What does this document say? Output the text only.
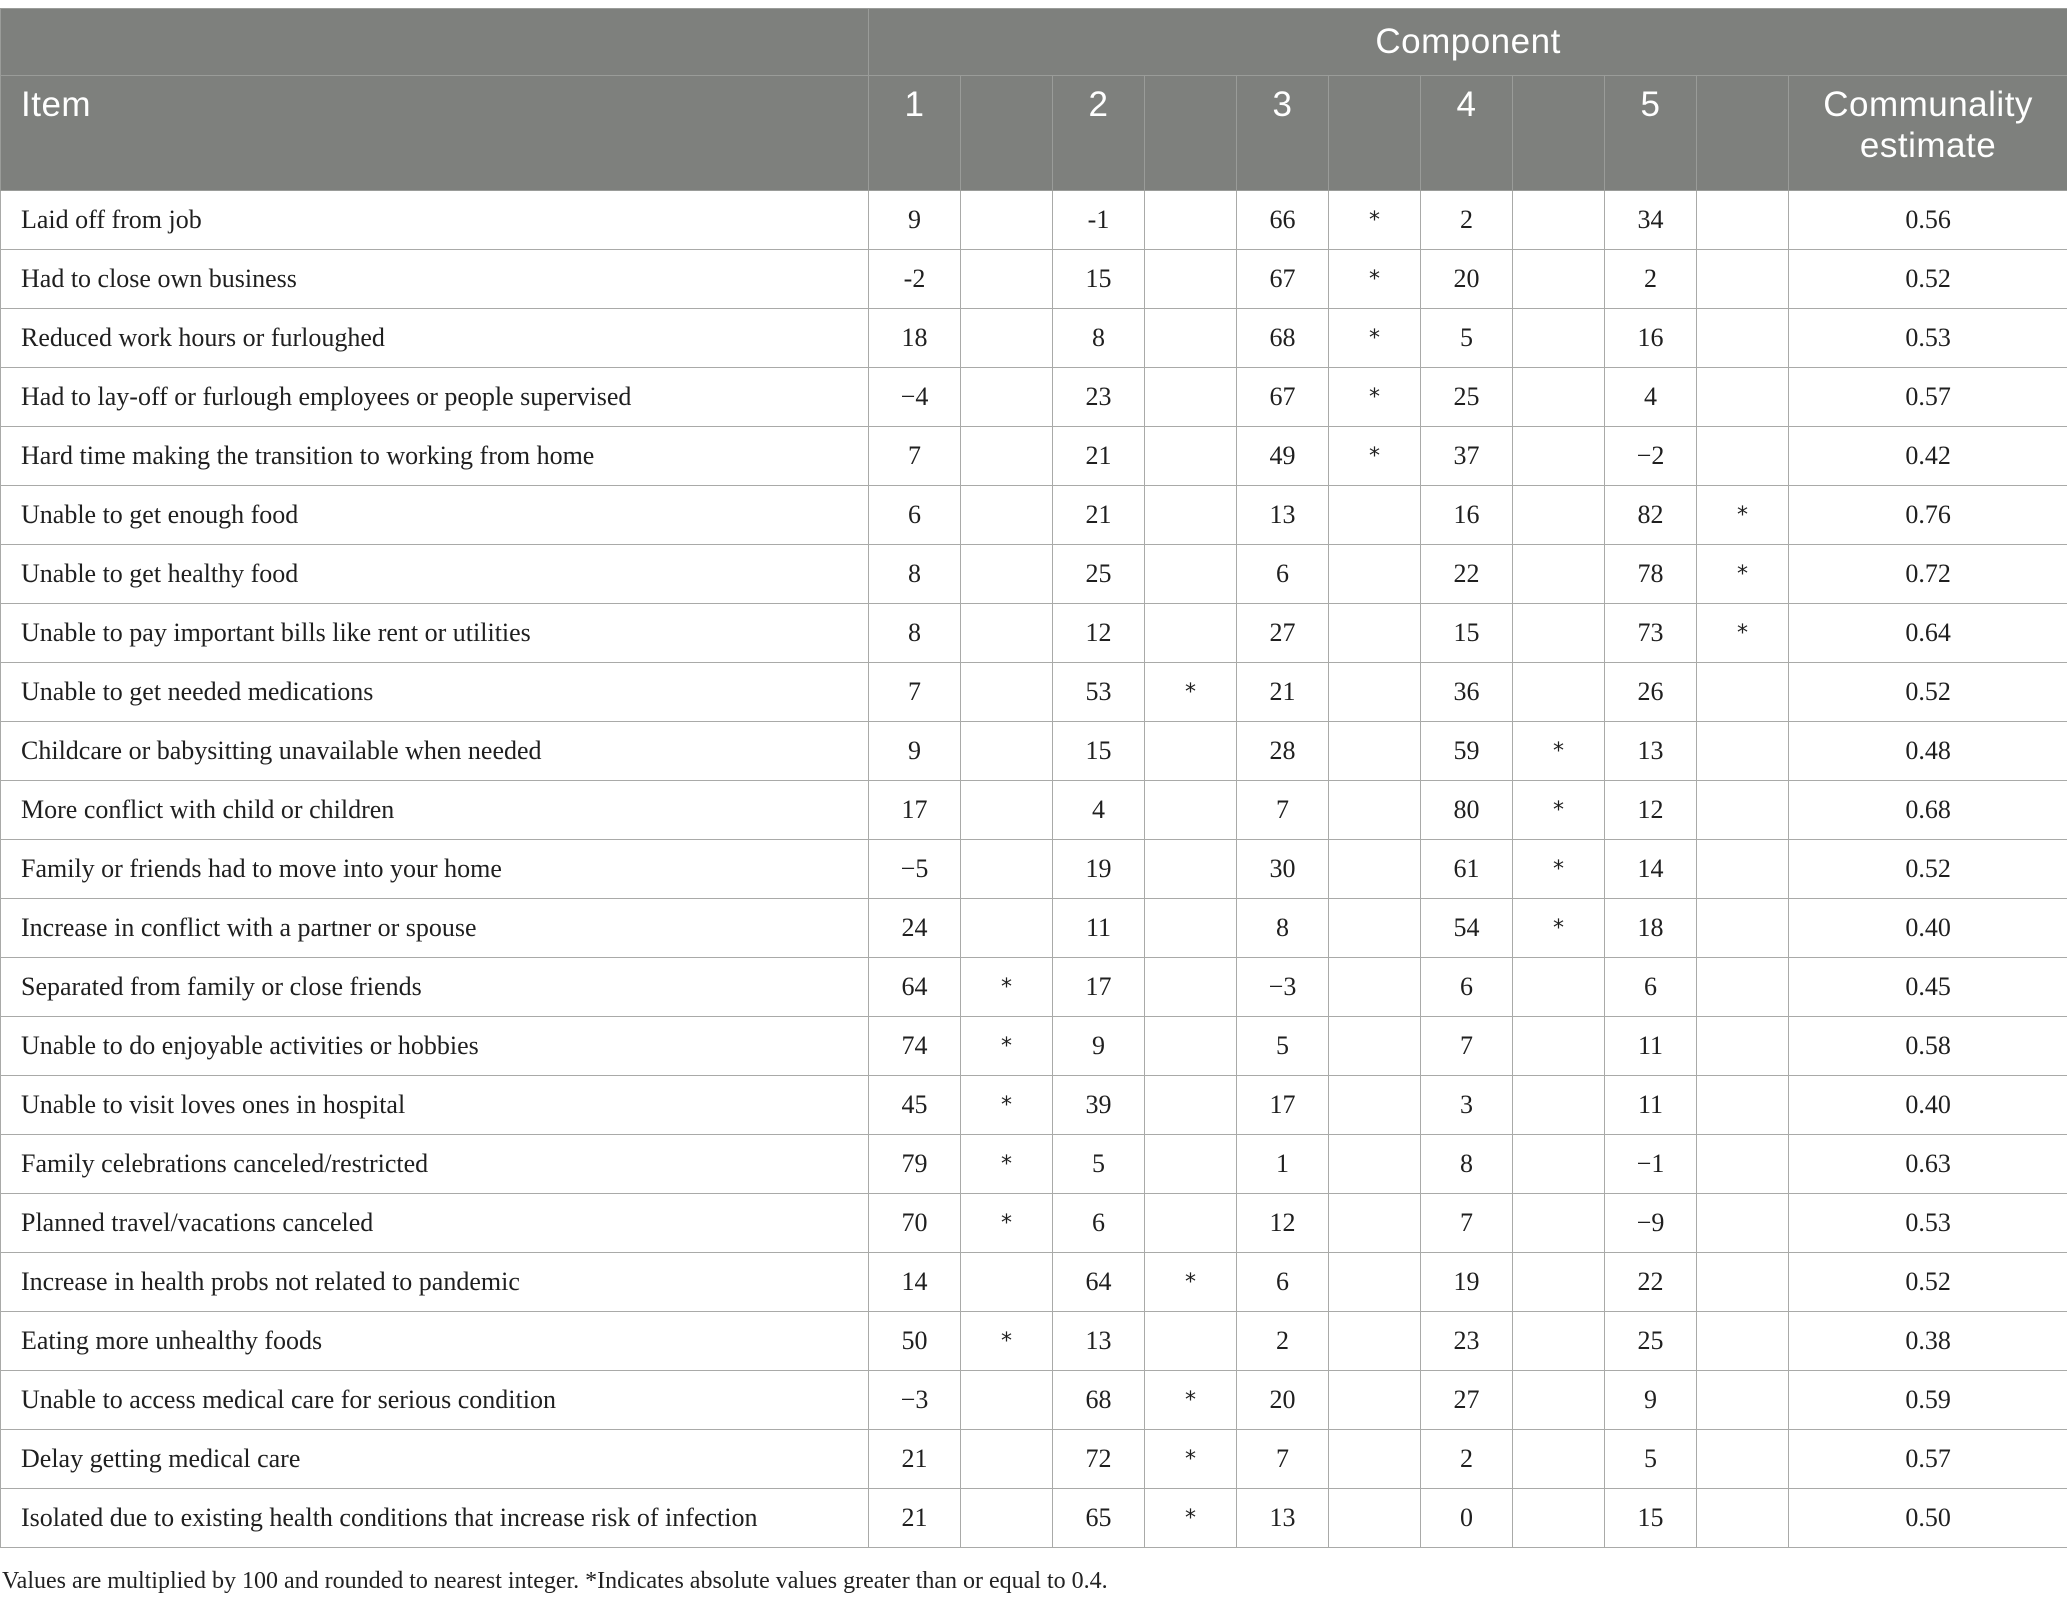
	Component										
Item	1		2		3		4		5		Communality estimate
Laid off from job	9		-1		66	*	2		34		0.56
Had to close own business	-2		15		67	*	20		2		0.52
Reduced work hours or furloughed	18		8		68	*	5		16		0.53
Had to lay-off or furlough employees or people supervised	−4		23		67	*	25		4		0.57
Hard time making the transition to working from home	7		21		49	*	37		−2		0.42
Unable to get enough food	6		21		13		16		82	*	0.76
Unable to get healthy food	8		25		6		22		78	*	0.72
Unable to pay important bills like rent or utilities	8		12		27		15		73	*	0.64
Unable to get needed medications	7		53	*	21		36		26		0.52
Childcare or babysitting unavailable when needed	9		15		28		59	*	13		0.48
More conflict with child or children	17		4		7		80	*	12		0.68
Family or friends had to move into your home	−5		19		30		61	*	14		0.52
Increase in conflict with a partner or spouse	24		11		8		54	*	18		0.40
Separated from family or close friends	64	*	17		−3		6		6		0.45
Unable to do enjoyable activities or hobbies	74	*	9		5		7		11		0.58
Unable to visit loves ones in hospital	45	*	39		17		3		11		0.40
Family celebrations canceled/restricted	79	*	5		1		8		−1		0.63
Planned travel/vacations canceled	70	*	6		12		7		−9		0.53
Increase in health probs not related to pandemic	14		64	*	6		19		22		0.52
Eating more unhealthy foods	50	*	13		2		23		25		0.38
Unable to access medical care for serious condition	−3		68	*	20		27		9		0.59
Delay getting medical care	21		72	*	7		2		5		0.57
Isolated due to existing health conditions that increase risk of infection	21		65	*	13		0		15		0.50
Values are multiplied by 100 and rounded to nearest integer. *Indicates absolute values greater than or equal to 0.4.
